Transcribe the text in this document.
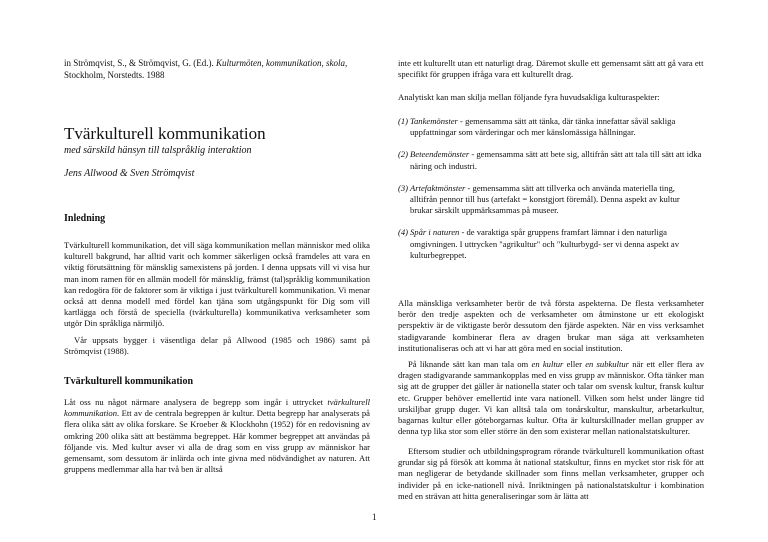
in Strömqvist, S., & Strömqvist, G. (Ed.). Kulturmöten, kommunikation, skola, Stockholm, Norstedts. 1988

Tvärkulturell kommunikation

med särskild hänsyn till talspråklig interaktion

Jens Allwood & Sven Strömqvist

Inledning

Tvärkulturell kommunikation, det vill säga kommunikation mellan människor med olika kulturell bakgrund, har alltid varit och kommer säkerligen också framdeles att vara en viktig förutsättning för mänsklig samexistens på jorden. I denna uppsats vill vi visa hur man inom ramen för en allmän modell för mänsklig, främst (tal)språklig kommunikation kan redogöra för de faktorer som är viktiga i just tvärkulturell kommunikation. Vi menar också att denna modell med fördel kan tjäna som utgångspunkt för Dig som vill kartlägga och förstå de speciella (tvärkulturella) kommunikativa verksamheter som utgör Din språkliga närmiljö.

Vår uppsats bygger i väsentliga delar på Allwood (1985 och 1986) samt på Strömqvist (1988).

Tvärkulturell kommunikation

Låt oss nu något närmare analysera de begrepp som ingår i uttrycket tvärkulturell kommunikation. Ett av de centrala begreppen är kultur. Detta begrepp har analyserats på flera olika sätt av olika forskare. Se Kroeber & Klockhohn (1952) för en redovisning av omkring 200 olika sätt att bestämma begreppet. Här kommer begreppet att användas på följande vis. Med kultur avser vi alla de drag som en viss grupp av människor har gemensamt, som dessutom är inlärda och inte givna med nödvändighet av naturen. Att gruppens medlemmar alla har två ben är alltså

inte ett kulturellt utan ett naturligt drag. Däremot skulle ett gemensamt sätt att gå vara ett specifikt för gruppen ifråga vara ett kulturellt drag.

Analytiskt kan man skilja mellan följande fyra huvudsakliga kulturaspekter:

(1) Tankemönster - gemensamma sätt att tänka, där tänka innefattar såväl sakliga uppfattningar som värderingar och mer känslomässiga hållningar.
(2) Beteendemönster - gemensamma sätt att bete sig, alltifrån sätt att tala till sätt att idka näring och industri.
(3) Artefaktmönster - gemensamma sätt att tillverka och använda materiella ting, alltifrån pennor till hus (artefakt = konstgjort föremål). Denna aspekt av kultur brukar särskilt uppmärksammas på museer.
(4) Spår i naturen - de varaktiga spår gruppens framfart lämnar i den naturliga omgivningen. I uttrycken "agrikultur" och "kulturbygd- ser vi denna aspekt av kulturbegreppet.

Alla mänskliga verksamheter berör de två första aspekterna. De flesta verksamheter berör den tredje aspekten och de verksamheter om åtminstone ur ett ekologiskt perspektiv är de viktigaste berör dessutom den fjärde aspekten. När en viss verksamhet stadigvarande kombinerar flera av dragen brukar man säga att verksamheten institutionaliseras och att vi har att göra med en social institution.

På liknande sätt kan man tala om en kultur eller en subkultur när ett eller flera av dragen stadigvarande sammankopplas med en viss grupp av människor. Ofta tänker man sig att de grupper det gäller är nationella stater och talar om svensk kultur, fransk kultur etc. Grupper behöver emellertid inte vara nationell. Vilken som helst under längre tid urskiljbar grupp duger. Vi kan alltså tala om tonårskultur, manskultur, arbetarkultur, bagarnas kultur eller göteborgarnas kultur. Ofta är kulturskillnader mellan grupper av denna typ lika stor som eller större än den som existerar mellan nationalstatskulturer.

Eftersom studier och utbildningsprogram rörande tvärkulturell kommunikation oftast grundar sig på försök att komma åt national statskultur, finns en mycket stor risk för att man negligerar de betydande skillnader som finns mellan verksamheter, grupper och individer på en icke-nationell nivå. Inriktningen på nationalstatskultur i kombination med en strävan att hitta generaliseringar som är lätta att

1
